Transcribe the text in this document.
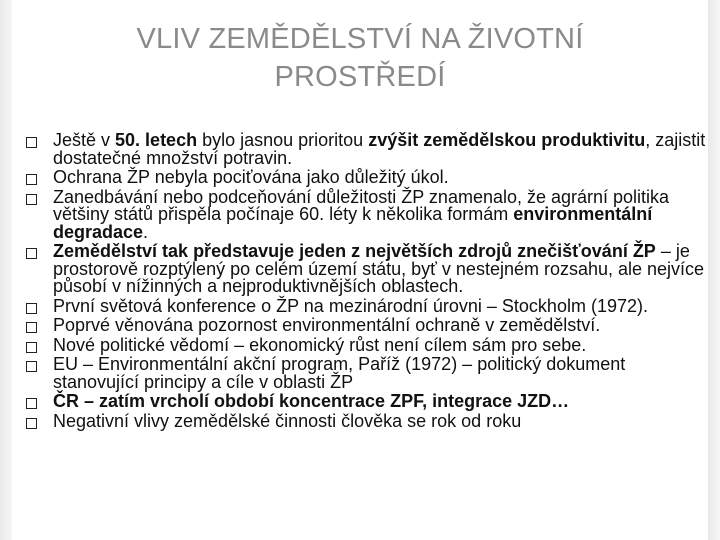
VLIV ZEMĚDĚLSTVÍ NA ŽIVOTNÍ
PROSTŘEDÍ
Ještě v 50. letech bylo jasnou prioritou zvýšit zemědělskou produktivitu, zajistit dostatečné množství potravin.
Ochrana ŽP nebyla pociťována jako důležitý úkol.
Zanedbávání nebo podceňování důležitosti ŽP znamenalo, že agrární politika většiny států přispěla počínaje 60. léty k několika formám environmentální degradace.
Zemědělství tak představuje jeden z největších zdrojů znečišťování ŽP – je prostorově rozptýlený po celém území státu, byť v nestejném rozsahu, ale nejvíce působí v nížinných a nejproduktivnějších oblastech.
První světová konference o ŽP na mezinárodní úrovni – Stockholm (1972).
Poprvé věnována pozornost environmentální ochraně v zemědělství.
Nové politické vědomí – ekonomický růst není cílem sám pro sebe.
EU – Environmentální akční program, Paříž (1972) – politický dokument stanovující principy a cíle v oblasti ŽP
ČR – zatím vrcholí období koncentrace ZPF, integrace JZD…
Negativní vlivy zemědělské činnosti člověka se rok od roku
